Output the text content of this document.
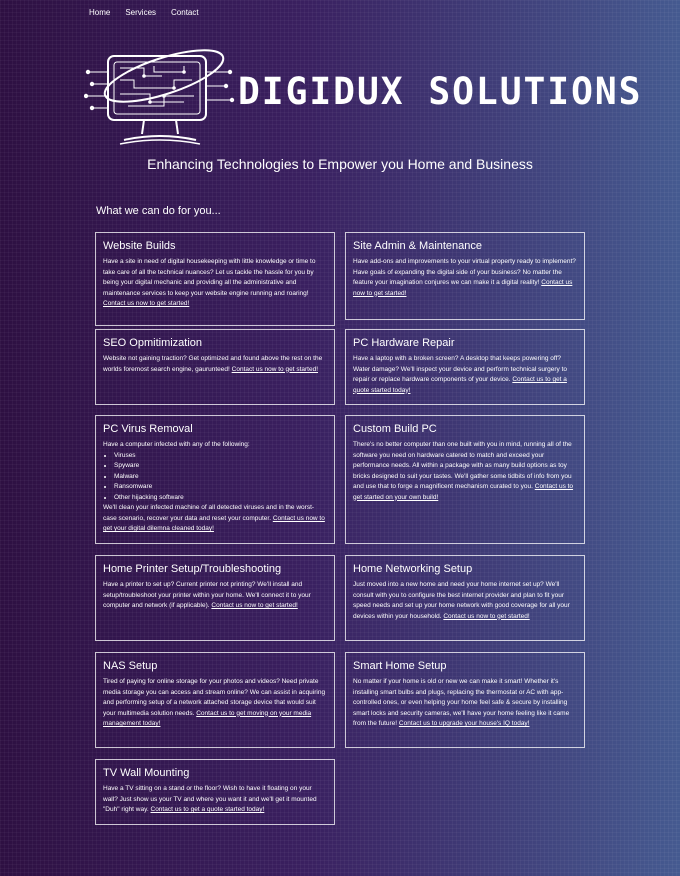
Home Services Contact
DIGIDUX SOLUTIONS
Enhancing Technologies to Empower you Home and Business
What we can do for you...
Website Builds

Have a site in need of digital housekeeping with little knowledge or time to take care of all the technical nuances? Let us tackle the hassle for you by being your digital mechanic and providing all the administrative and maintenance services to keep your website engine running and roaring! Contact us now to get started!

Site Admin & Maintenance

Have add-ons and improvements to your virtual property ready to implement? Have goals of expanding the digital side of your business? No matter the feature your imagination conjures we can make it a digital reality! Contact us now to get started!

SEO Opmitimization

Website not gaining traction? Get optimized and found above the rest on the worlds foremost search engine, gaurunteed! Contact us now to get started!

PC Hardware Repair

Have a laptop with a broken screen? A desktop that keeps powering off? Water damage? We'll inspect your device and perform technical surgery to repair or replace hardware components of your device. Contact us to get a quote started today!

PC Virus Removal

Have a computer infected with any of the following:

• Viruses
• Spyware
• Malware
• Ransomware
• Other hijacking software

We'll clean your infected machine of all detected viruses and in the worst-case scenario, recover your data and reset your computer. Contact us now to get your digital dilemna cleaned today!

Custom Build PC

There's no better computer than one built with you in mind, running all of the software you need on hardware catered to match and exceed your performance needs. All within a package with as many build options as toy bricks designed to suit your tastes. We'll gather some tidbits of info from you and use that to forge a magnificent mechanism curated to you. Contact us to get started on your own build!

Home Printer Setup/Troubleshooting

Have a printer to set up? Current printer not printing? We'll install and setup/troubleshoot your printer within your home. We'll connect it to your computer and network (if applicable). Contact us now to get started!

Home Networking Setup

Just moved into a new home and need your home internet set up? We'll consult with you to configure the best internet provider and plan to fit your speed needs and set up your home network with good coverage for all your devices within your household. Contact us now to get started!

NAS Setup

Tired of paying for online storage for your photos and videos? Need private media storage you can access and stream online? We can assist in acquiring and performing setup of a network attached storage device that would suit your multimedia solution needs. Contact us to get moving on your media management today!

Smart Home Setup

No matter if your home is old or new we can make it smart! Whether it's installing smart bulbs and plugs, replacing the thermostat or AC with app-controlled ones, or even helping your home feel safe & secure by installing smart locks and security cameras, we'll have your home feeling like it came from the future! Contact us to upgrade your house's IQ today!

TV Wall Mounting

Have a TV sitting on a stand or the floor? Wish to have it floating on your wall? Just show us your TV and where you want it and we'll get it mounted "Duh" right way. Contact us to get a quote started today!
